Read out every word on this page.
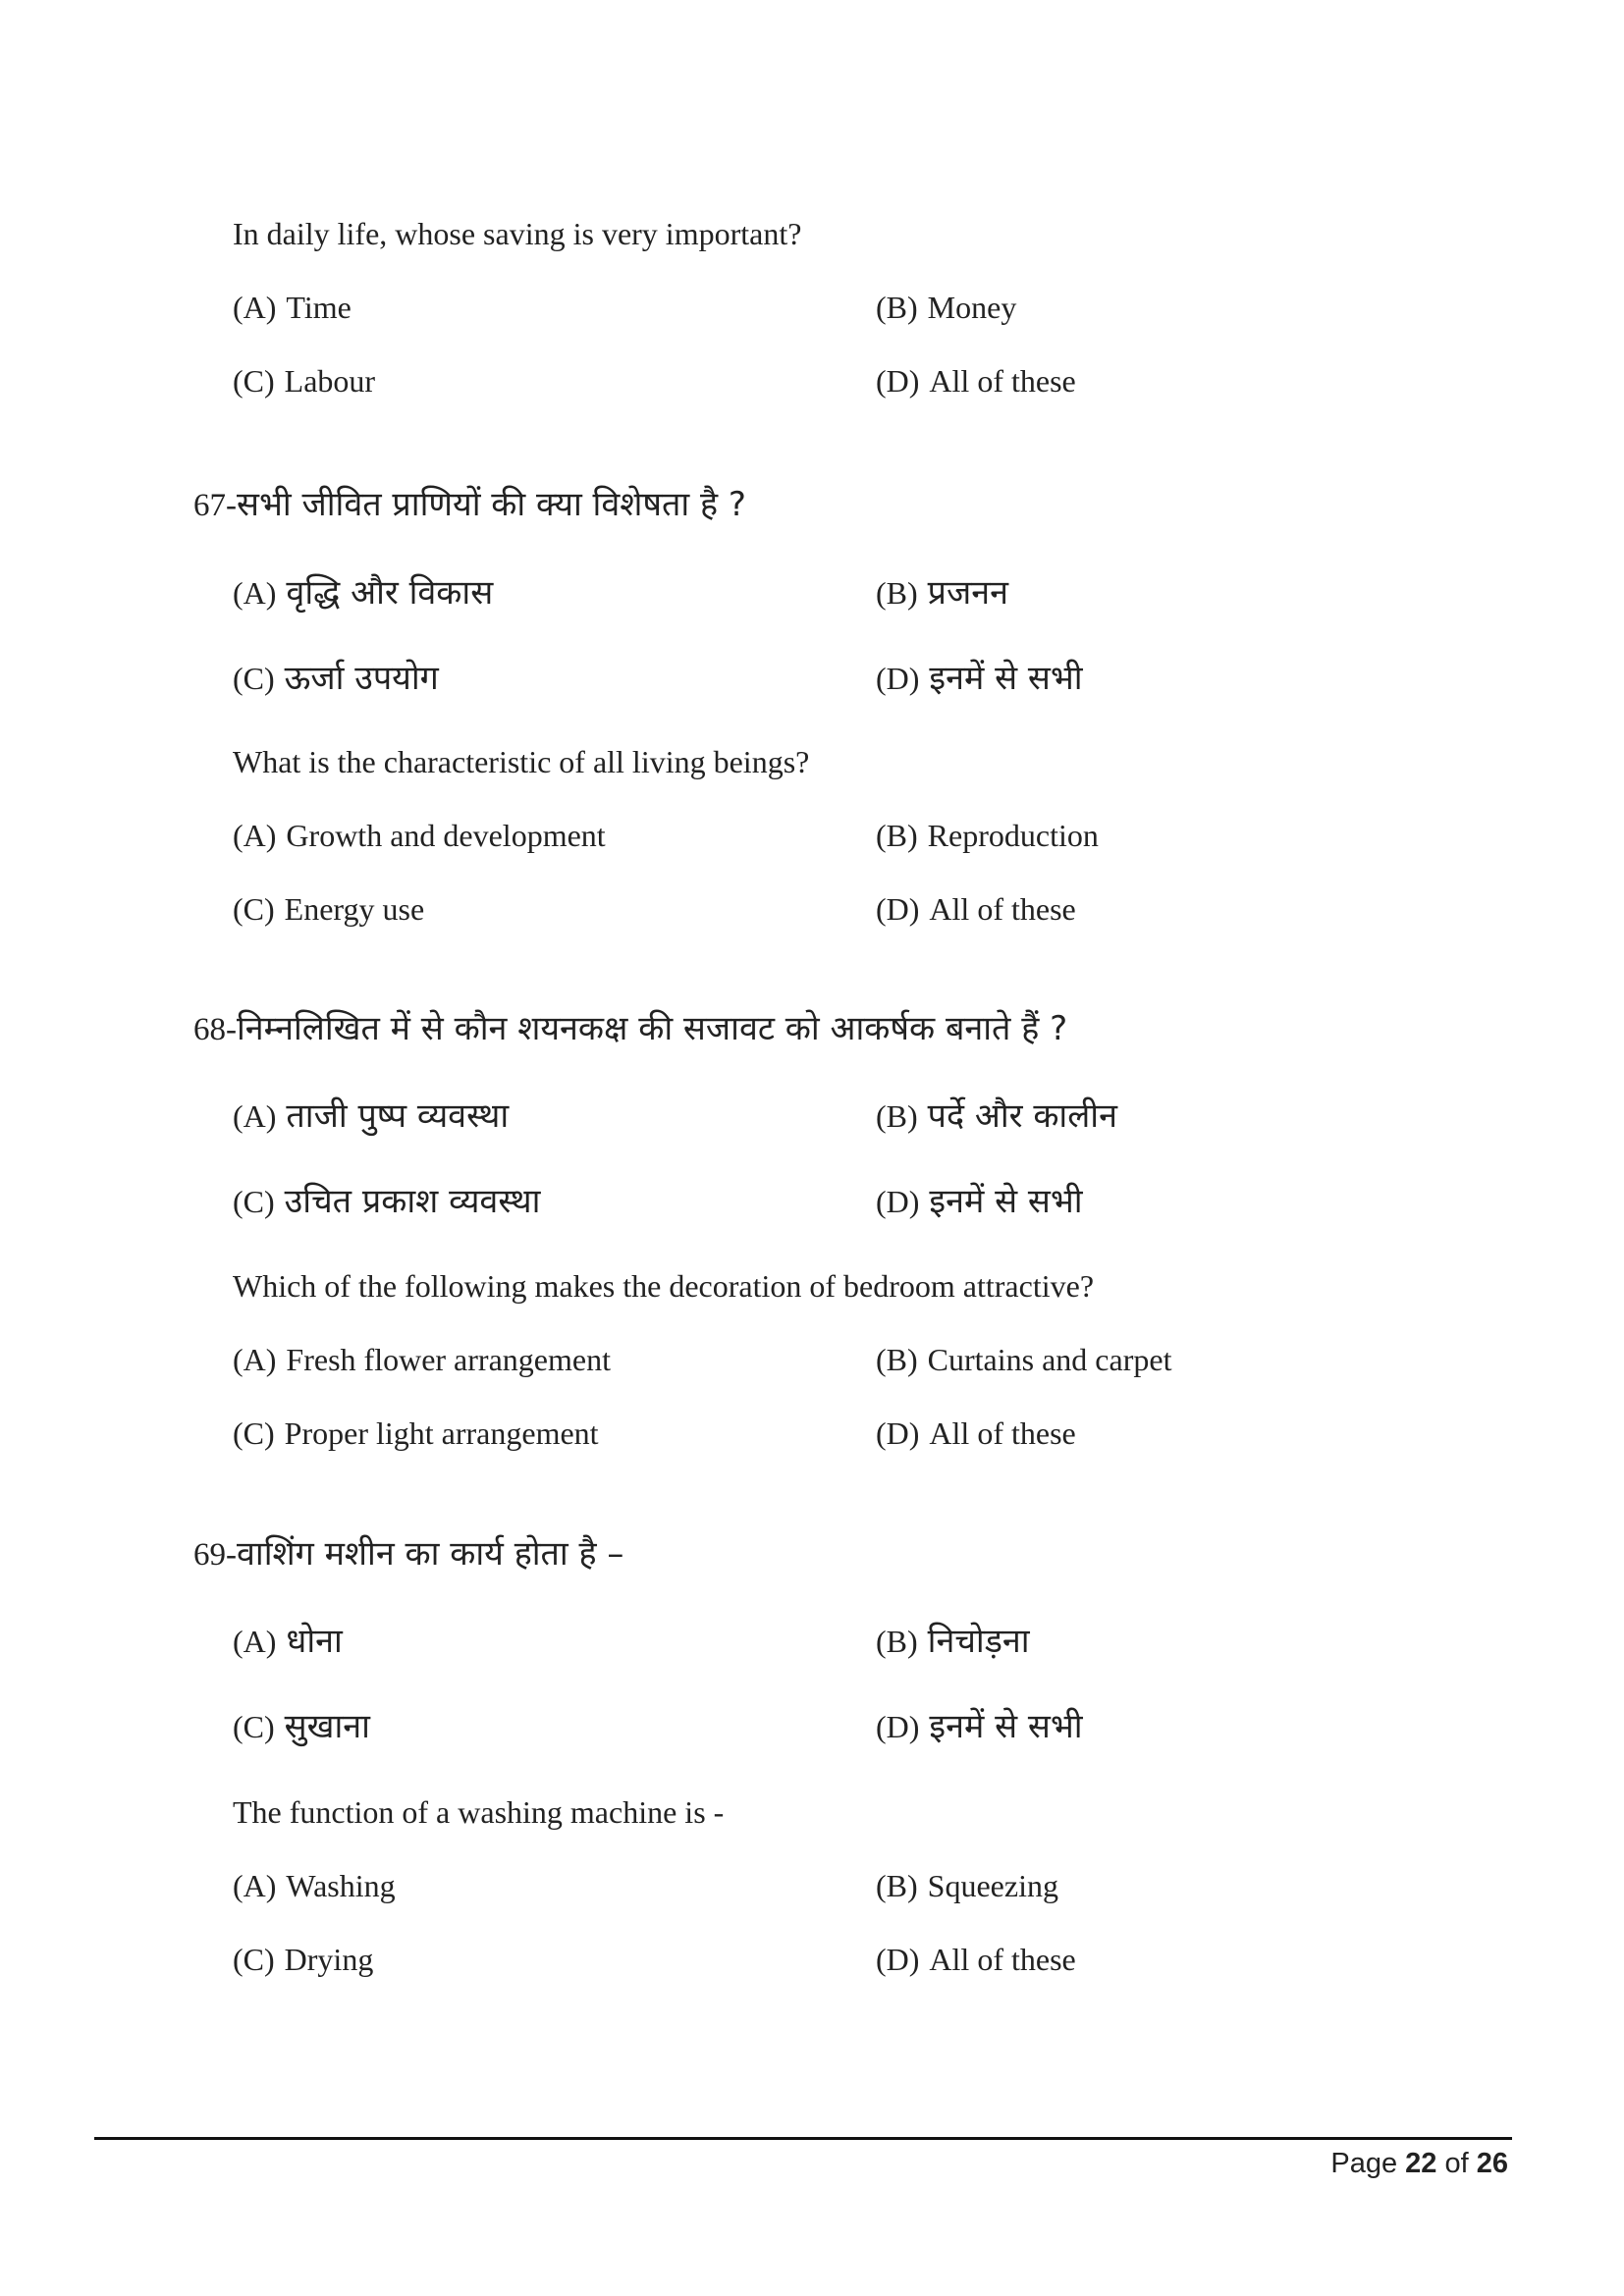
In daily life, whose saving is very important?
(A) Time	(B) Money
(C) Labour	(D) All of these
67-सभी जीवित प्राणियों की क्या विशेषता है ?
(A) वृद्धि और विकास	(B) प्रजनन
(C) ऊर्जा उपयोग	(D) इनमें से सभी
What is the characteristic of all living beings?
(A) Growth and development	(B) Reproduction
(C) Energy use	(D) All of these
68-निम्नलिखित में से कौन शयनकक्ष की सजावट को आकर्षक बनाते हैं ?
(A) ताजी पुष्प व्यवस्था	(B) पर्दे और कालीन
(C) उचित प्रकाश व्यवस्था	(D) इनमें से सभी
Which of the following makes the decoration of bedroom attractive?
(A) Fresh flower arrangement	(B) Curtains and carpet
(C) Proper light arrangement	(D) All of these
69-वाशिंग मशीन का कार्य होता है –
(A) धोना	(B) निचोड़ना
(C) सुखाना	(D) इनमें से सभी
The function of a washing machine is -
(A) Washing	(B) Squeezing
(C) Drying	(D) All of these
Page 22 of 26
